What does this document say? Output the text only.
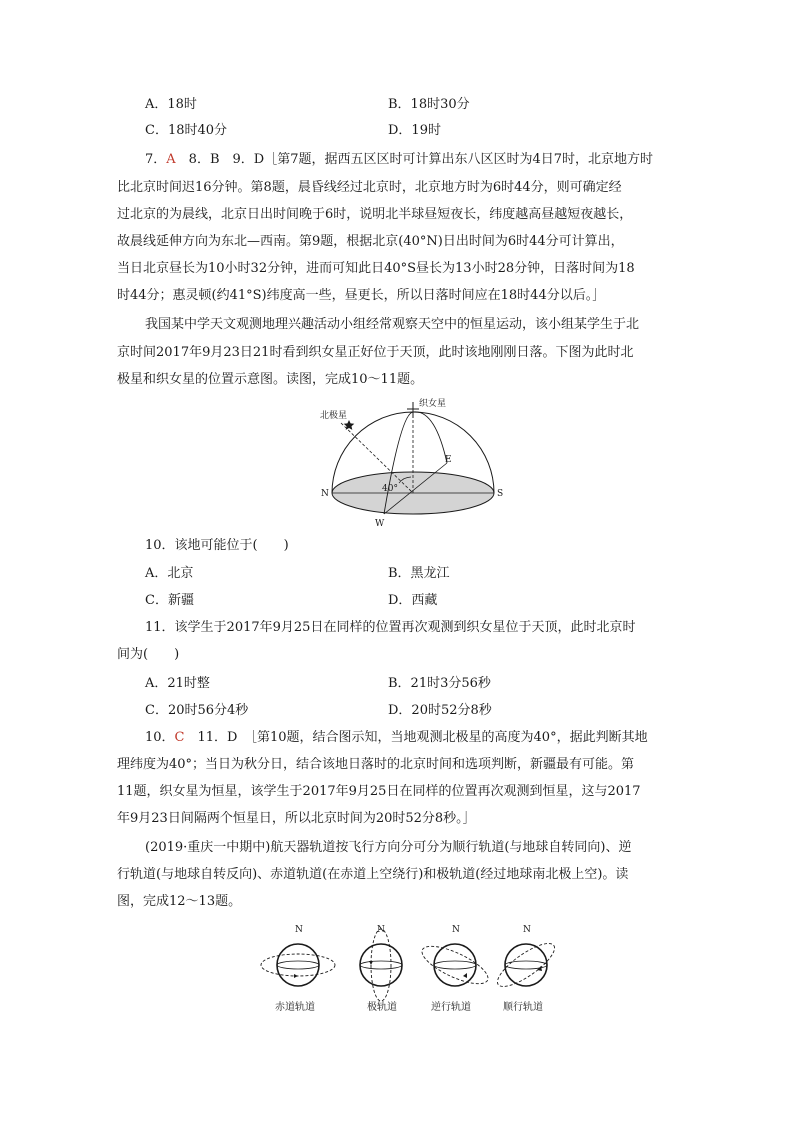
A．18时	B．18时30分
C．18时40分	D．19时
7．A　8．B　9．D［第7题，据西五区区时可计算出东八区区时为4日7时，北京地方时
比北京时间迟16分钟。第8题，晨昏线经过北京时，北京地方时为6时44分，则可确定经
过北京的为晨线，北京日出时间晚于6时，说明北半球昼短夜长，纬度越高昼越短夜越长，
故晨线延伸方向为东北—西南。第9题，根据北京(40°N)日出时间为6时44分可计算出，
当日北京昼长为10小时32分钟，进而可知此日40°S昼长为13小时28分钟，日落时间为18
时44分；惠灵顿(约41°S)纬度高一些，昼更长，所以日落时间应在18时44分以后。］
我国某中学天文观测地理兴趣活动小组经常观察天空中的恒星运动，该小组某学生于北
京时间2017年9月23日21时看到织女星正好位于天顶，此时该地刚刚日落。下图为此时北
极星和织女星的位置示意图。读图，完成10～11题。
织女星
北极星
40°
E
N	S
W
10．该地可能位于(　　)
A．北京	B．黑龙江
C．新疆	D．西藏
11．该学生于2017年9月25日在同样的位置再次观测到织女星位于天顶，此时北京时
间为(　　)
A．21时整	B．21时3分56秒
C．20时56分4秒	D．20时52分8秒
10．C　11．D　［第10题，结合图示知，当地观测北极星的高度为40°，据此判断其地
理纬度为40°；当日为秋分日，结合该地日落时的北京时间和选项判断，新疆最有可能。第
11题，织女星为恒星，该学生于2017年9月25日在同样的位置再次观测到恒星，这与2017
年9月23日间隔两个恒星日，所以北京时间为20时52分8秒。］
(2019·重庆一中期中)航天器轨道按飞行方向分可分为顺行轨道(与地球自转同向)、逆
行轨道(与地球自转反向)、赤道轨道(在赤道上空绕行)和极轨道(经过地球南北极上空)。读
图，完成12～13题。
N
赤道轨道
N
极轨道
N
逆行轨道
N
顺行轨道
